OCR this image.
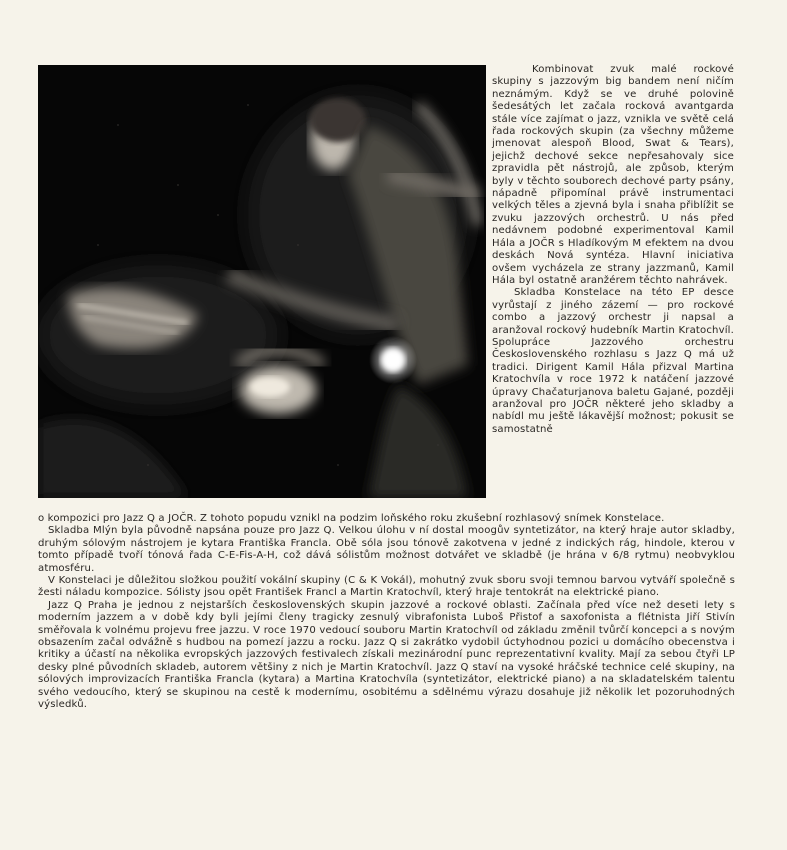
Kombinovat zvuk malé rockové skupiny s jazzovým big bandem není ničím neznámým. Když se ve druhé polovině šedesátých let začala rocková avantgarda stále více zajímat o jazz, vznikla ve světě celá řada rockových skupin (za všechny můžeme jmenovat alespoň Blood, Swat & Tears), jejichž dechové sekce nepřesahovaly sice zpravidla pět nástrojů, ale způsob, kterým byly v těchto souborech dechové party psány, nápadně připomínal právě instrumentaci velkých těles a zjevná byla i snaha přiblížit se zvuku jazzových orchestrů. U nás před nedávnem podobné experimentoval Kamil Hála a JOČR s Hladíkovým M efektem na dvou deskách Nová syntéza. Hlavní iniciativa ovšem vycházela ze strany jazzmanů, Kamil Hála byl ostatně aranžérem těchto nahrávek.

Skladba Konstelace na této EP desce vyrůstají z jiného zázemí — pro rockové combo a jazzový orchestr ji napsal a aranžoval rockový hudebník Martin Kratochvíl. Spolupráce Jazzového orchestru Československého rozhlasu s Jazz Q má už tradici. Dirigent Kamil Hála přizval Martina Kratochvíla v roce 1972 k natáčení jazzové úpravy Chačaturjanova baletu Gajané, později aranžoval pro JOČR některé jeho skladby a nabídl mu ještě lákavější možnost; pokusit se samostatně

o kompozici pro Jazz Q a JOČR. Z tohoto popudu vznikl na podzim loňského roku zkušební rozhlasový snímek Konstelace.

Skladba Mlýn byla původně napsána pouze pro Jazz Q. Velkou úlohu v ní dostal moogův syntetizátor, na který hraje autor skladby, druhým sólovým nástrojem je kytara Františka Francla. Obě sóla jsou tónově zakotvena v jedné z indických rág, hindole, kterou v tomto případě tvoří tónová řada C-E-Fis-A-H, což dává sólistům možnost dotvářet ve skladbě (je hrána v 6/8 rytmu) neobvyklou atmosféru.

V Konstelaci je důležitou složkou použití vokální skupiny (C & K Vokál), mohutný zvuk sboru svoji temnou barvou vytváří společně s žesti náladu kompozice. Sólisty jsou opět František Francl a Martin Kratochvíl, který hraje tentokrát na elektrické piano.

Jazz Q Praha je jednou z nejstarších československých skupin jazzové a rockové oblasti. Začínala před více než deseti lety s moderním jazzem a v době kdy byli jejími členy tragicky zesnulý vibrafonista Luboš Přistof a saxofonista a flétnista Jiří Stivín směřovala k volnému projevu free jazzu. V roce 1970 vedoucí souboru Martin Kratochvíl od základu změnil tvůrčí koncepci a s novým obsazením začal odvážně s hudbou na pomezí jazzu a rocku. Jazz Q si zakrátko vydobil úctyhodnou pozici u domácího obecenstva i kritiky a účastí na několika evropských jazzových festivalech získali mezinárodní punc reprezentativní kvality. Mají za sebou čtyři LP desky plné původních skladeb, autorem většiny z nich je Martin Kratochvíl. Jazz Q staví na vysoké hráčské technice celé skupiny, na sólových improvizacích Františka Francla (kytara) a Martina Kratochvíla (syntetizátor, elektrické piano) a na skladatelském talentu svého vedoucího, který se skupinou na cestě k modernímu, osobitému a sdělnému výrazu dosahuje již několik let pozoruhodných výsledků.
